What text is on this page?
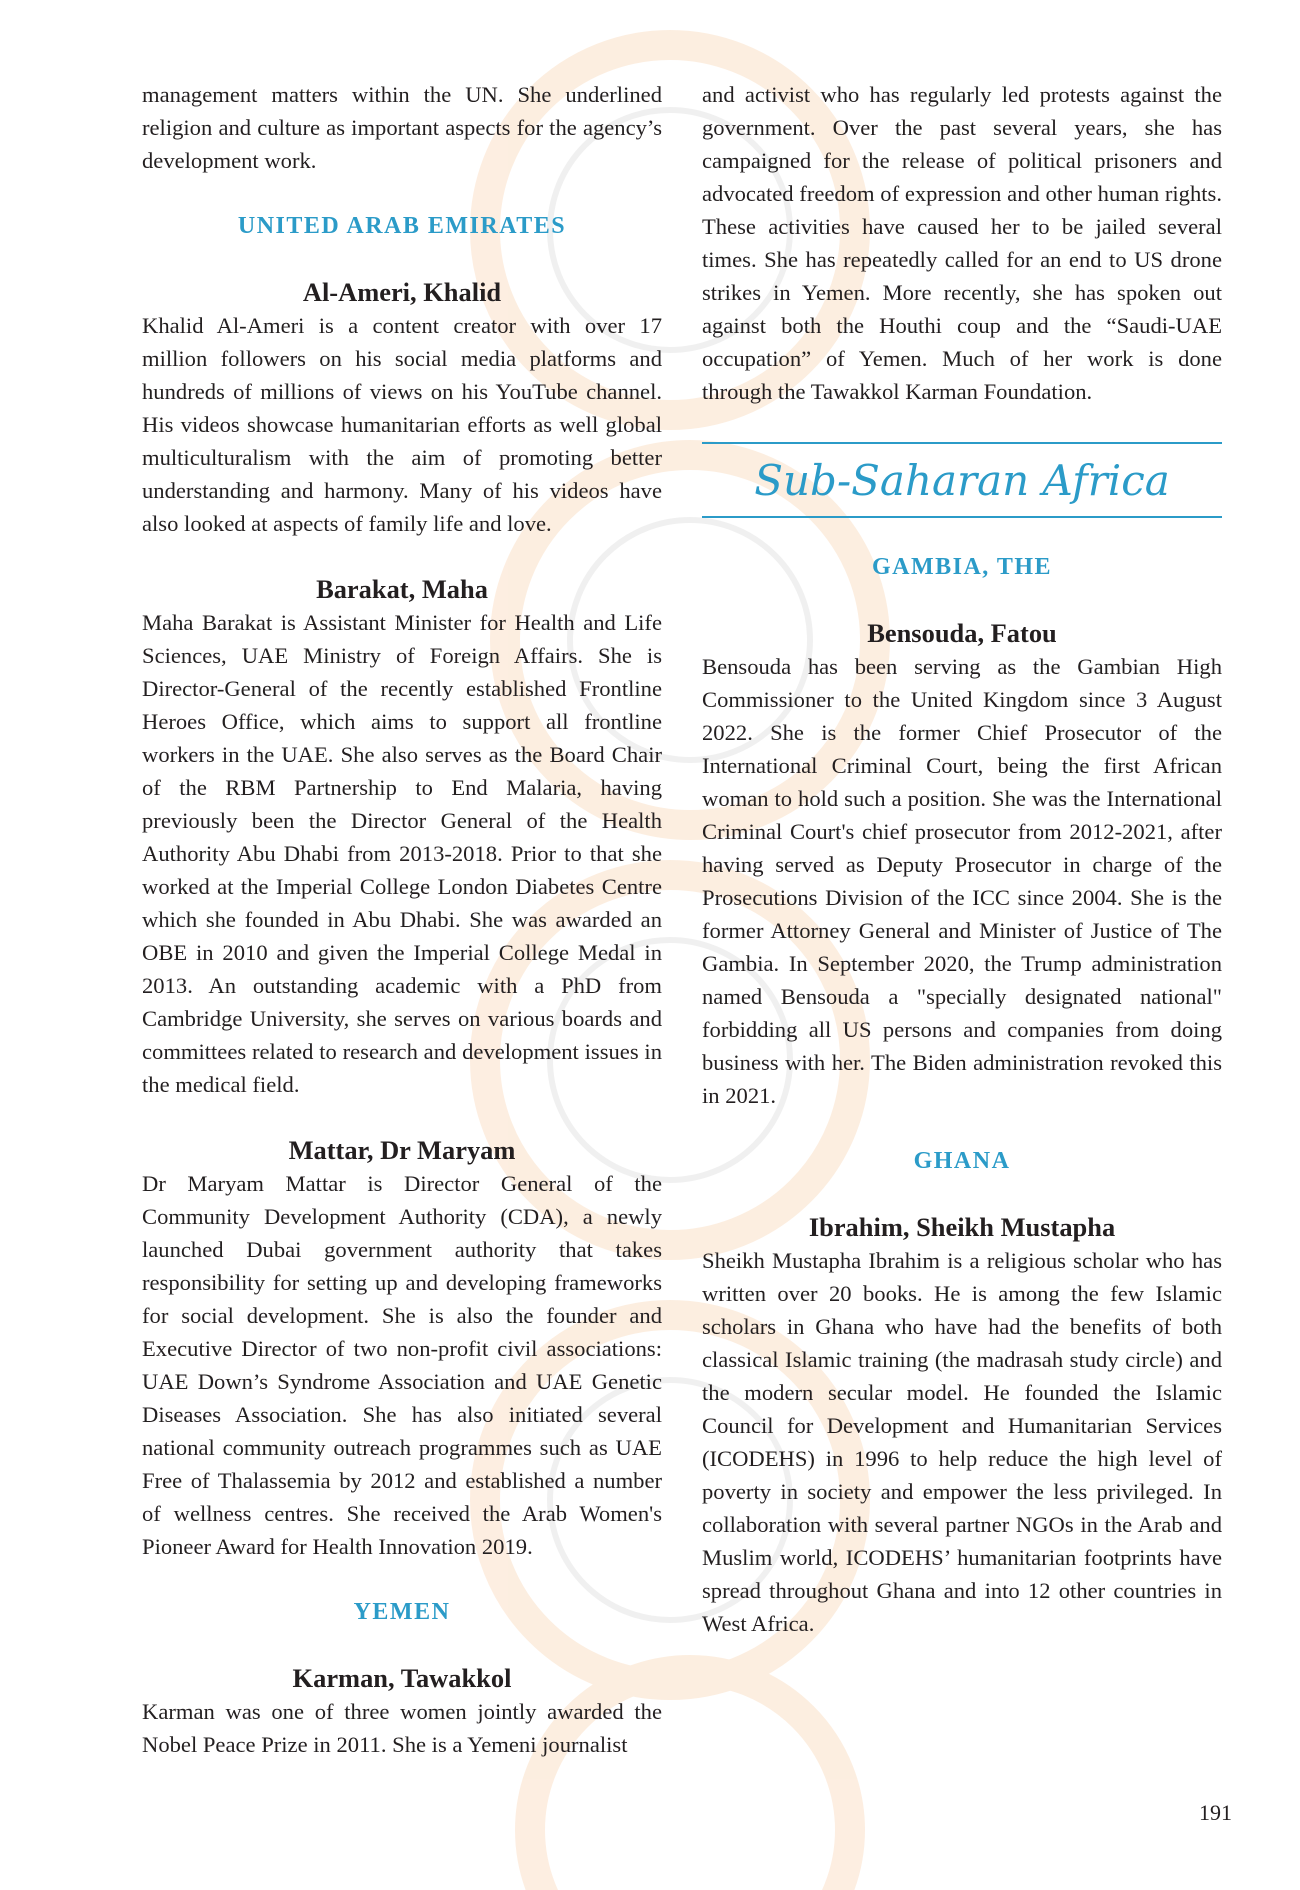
management matters within the UN. She underlined religion and culture as important aspects for the agency’s development work.

UNITED ARAB EMIRATES
Al-Ameri, Khalid

Khalid Al-Ameri is a content creator with over 17 million followers on his social media platforms and hundreds of millions of views on his YouTube channel. His videos showcase humanitarian efforts as well global multiculturalism with the aim of promoting better understanding and harmony. Many of his videos have also looked at aspects of family life and love.

Barakat, Maha

Maha Barakat is Assistant Minister for Health and Life Sciences, UAE Ministry of Foreign Affairs. She is Director-General of the recently established Frontline Heroes Office, which aims to support all frontline workers in the UAE. She also serves as the Board Chair of the RBM Partnership to End Malaria, having previously been the Director General of the Health Authority Abu Dhabi from 2013-2018. Prior to that she worked at the Imperial College London Diabetes Centre which she founded in Abu Dhabi. She was awarded an OBE in 2010 and given the Imperial College Medal in 2013. An outstanding academic with a PhD from Cambridge University, she serves on various boards and committees related to research and development issues in the medical field.

Mattar, Dr Maryam

Dr Maryam Mattar is Director General of the Community Development Authority (CDA), a newly launched Dubai government authority that takes responsibility for setting up and developing frameworks for social development. She is also the founder and Executive Director of two non-profit civil associations: UAE Down’s Syndrome Association and UAE Genetic Diseases Association. She has also initiated several national community outreach programmes such as UAE Free of Thalassemia by 2012 and established a number of wellness centres. She received the Arab Women's Pioneer Award for Health Innovation 2019.

YEMEN
Karman, Tawakkol

Karman was one of three women jointly awarded the Nobel Peace Prize in 2011. She is a Yemeni journalist

and activist who has regularly led protests against the government. Over the past several years, she has campaigned for the release of political prisoners and advocated freedom of expression and other human rights. These activities have caused her to be jailed several times. She has repeatedly called for an end to US drone strikes in Yemen. More recently, she has spoken out against both the Houthi coup and the “Saudi-UAE occupation” of Yemen. Much of her work is done through the Tawakkol Karman Foundation.

Sub-Saharan Africa
GAMBIA, THE
Bensouda, Fatou

Bensouda has been serving as the Gambian High Commissioner to the United Kingdom since 3 August 2022. She is the former Chief Prosecutor of the International Criminal Court, being the first African woman to hold such a position. She was the International Criminal Court's chief prosecutor from 2012-2021, after having served as Deputy Prosecutor in charge of the Prosecutions Division of the ICC since 2004. She is the former Attorney General and Minister of Justice of The Gambia. In September 2020, the Trump administration named Bensouda a "specially designated national" forbidding all US persons and companies from doing business with her. The Biden administration revoked this in 2021.

GHANA
Ibrahim, Sheikh Mustapha

Sheikh Mustapha Ibrahim is a religious scholar who has written over 20 books. He is among the few Islamic scholars in Ghana who have had the benefits of both classical Islamic training (the madrasah study circle) and the modern secular model. He founded the Islamic Council for Development and Humanitarian Services (ICODEHS) in 1996 to help reduce the high level of poverty in society and empower the less privileged. In collaboration with several partner NGOs in the Arab and Muslim world, ICODEHS’ humanitarian footprints have spread throughout Ghana and into 12 other countries in West Africa.

191
